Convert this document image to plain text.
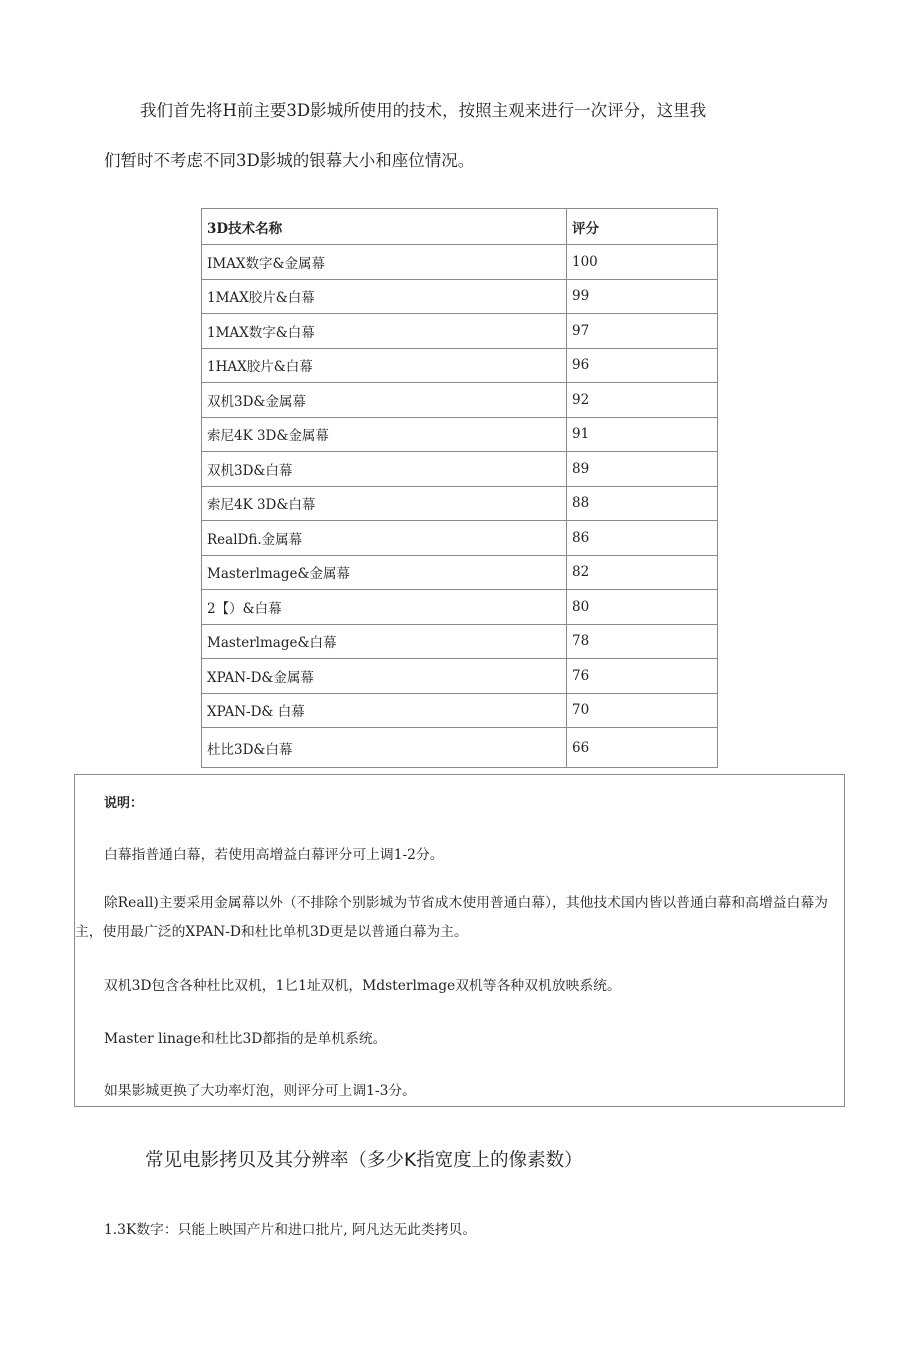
我们首先将H前主要3D影城所使用的技术，按照主观来进行一次评分，这里我
们暂时不考虑不同3D影城的银幕大小和座位情况。
3D技术名称	评分
IMAX数字&金属幕	100
1MAX胶片&白幕	99
1MAX数字&白幕	97
1HAX胶片&白幕	96
双机3D&金属幕	92
索尼4K 3D&金属幕	91
双机3D&白幕	89
索尼4K 3D&白幕	88
RealDfi.金属幕	86
Masterlmage&金属幕	82
2【）&白幕	80
Masterlmage&白幕	78
XPAN-D&金属幕	76
XPAN-D& 白幕	70
杜比3D&白幕	66
说明：
白幕指普通白幕，若使用高增益白幕评分可上调1-2分。
除Reall)主要采用金属幕以外（不排除个别影城为节省成木使用普通白幕），其他技术国内皆以普通白幕和高增益白幕为主，使用最广泛的XPAN-D和杜比单机3D更是以普通白幕为主。
双机3D包含各种杜比双机，1匕1址双机，Mdsterlmage双机等各种双机放映系统。
Master linage和杜比3D都指的是单机系统。
如果影城更换了大功率灯泡，则评分可上调1-3分。
常见电影拷贝及其分辨率（多少K指宽度上的像素数）
1.3K数字：只能上映国产片和进口批片, 阿凡达无此类拷贝。
